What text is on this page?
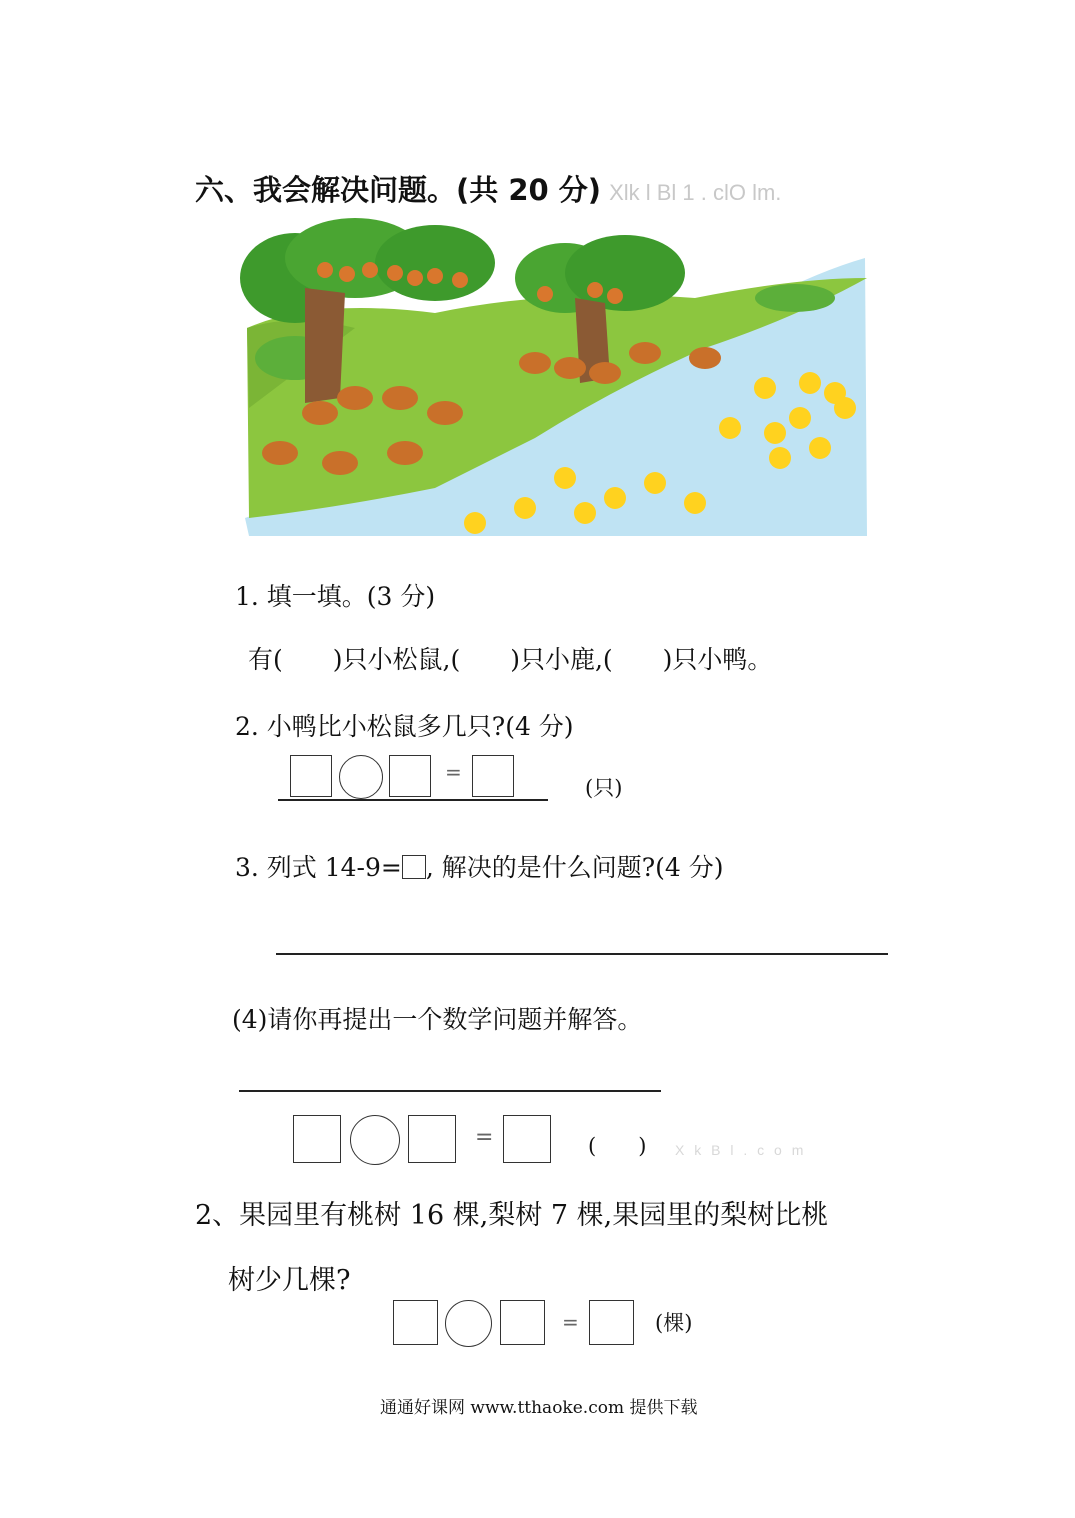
六、我会解决问题。(共 20 分) Xlk l Bl 1 . clO lm.
1. 填一填。(3 分)
有(　　)只小松鼠,(　　)只小鹿,(　　)只小鸭。
2. 小鸭比小松鼠多几只?(4 分)
=
(只)
3. 列式 14-9= , 解决的是什么问题?(4 分)
(4)请你再提出一个数学问题并解答。
=	(　　) X k B l . c o m
2、果园里有桃树 16 棵,梨树 7 棵,果园里的梨树比桃
树少几棵?
=	(棵)
通通好课网 www.tthaoke.com 提供下载
